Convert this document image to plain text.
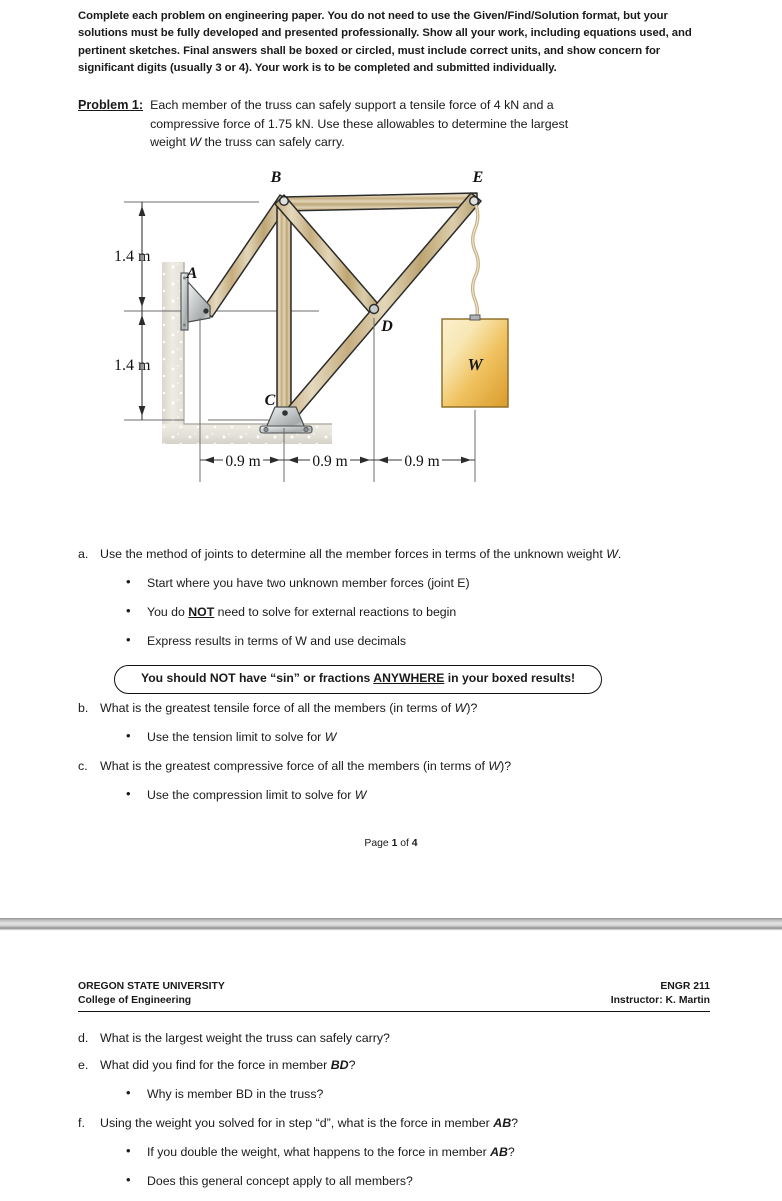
Complete each problem on engineering paper. You do not need to use the Given/Find/Solution format, but your solutions must be fully developed and presented professionally. Show all your work, including equations used, and pertinent sketches. Final answers shall be boxed or circled, must include correct units, and show concern for significant digits (usually 3 or 4). Your work is to be completed and submitted individually.
Problem 1: Each member of the truss can safely support a tensile force of 4 kN and a
compressive force of 1.75 kN. Use these allowables to determine the largest
weight W the truss can safely carry.
1.4 m
1.4 m	W
B	E
A
D
C
0.9 m	0.9 m	0.9 m
a. Use the method of joints to determine all the member forces in terms of the unknown weight W.
•	Start where you have two unknown member forces (joint E)
•	You do NOT need to solve for external reactions to begin
•	Express results in terms of W and use decimals
You should NOT have “sin” or fractions ANYWHERE in your boxed results!
b. What is the greatest tensile force of all the members (in terms of W)?
•	Use the tension limit to solve for W
c. What is the greatest compressive force of all the members (in terms of W)?
•	Use the compression limit to solve for W
Page 1 of 4
OREGON STATE UNIVERSITY	ENGR 211
College of Engineering	Instructor: K. Martin
d. What is the largest weight the truss can safely carry?
e. What did you find for the force in member BD?
•	Why is member BD in the truss?
f.	Using the weight you solved for in step “d”, what is the force in member AB?
•	If you double the weight, what happens to the force in member AB?
•	Does this general concept apply to all members?
